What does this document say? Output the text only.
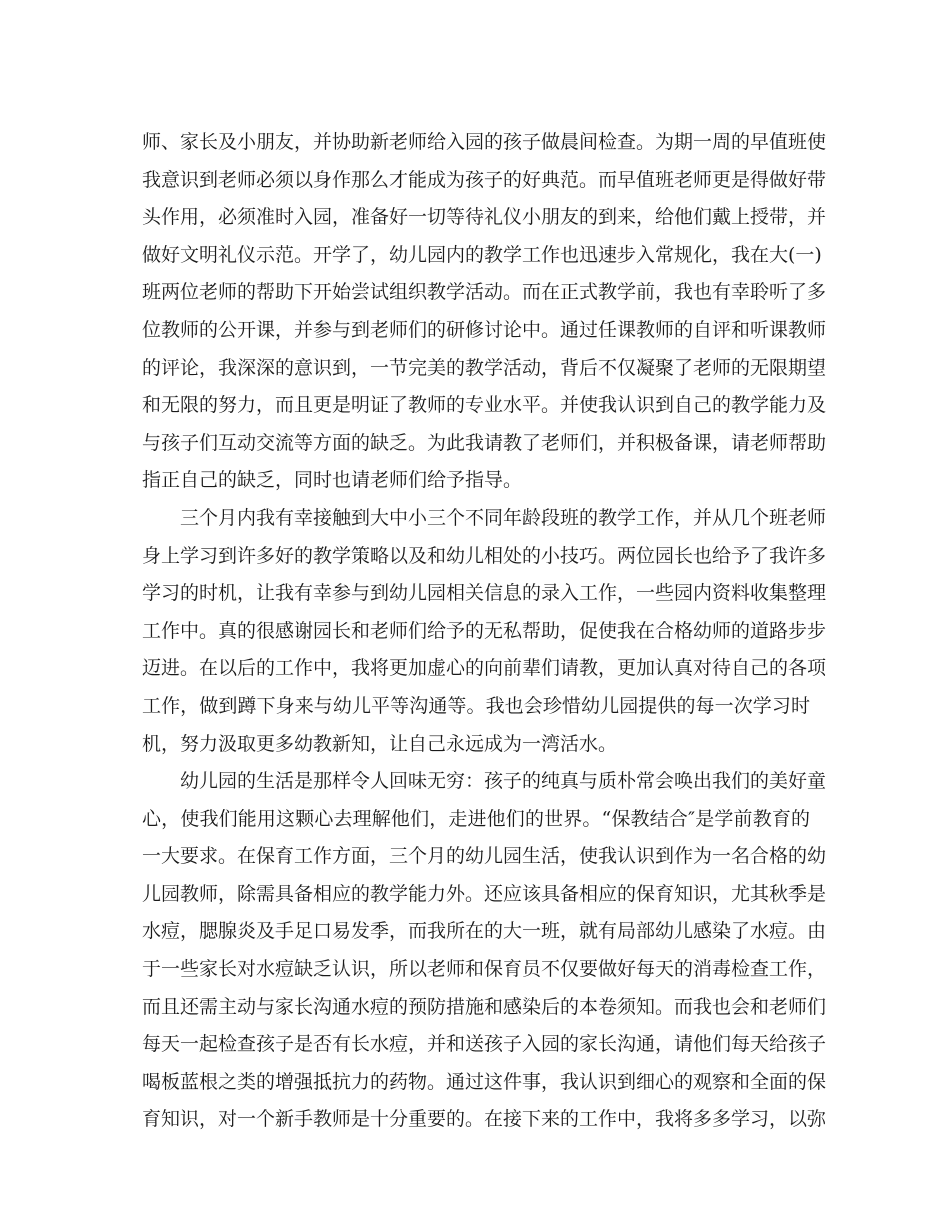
师、家长及小朋友，并协助新老师给入园的孩子做晨间检查。为期一周的早值班使
我意识到老师必须以身作那么才能成为孩子的好典范。而早值班老师更是得做好带
头作用，必须准时入园，准备好一切等待礼仪小朋友的到来，给他们戴上授带，并
做好文明礼仪示范。开学了，幼儿园内的教学工作也迅速步入常规化，我在大(一)
班两位老师的帮助下开始尝试组织教学活动。而在正式教学前，我也有幸聆听了多
位教师的公开课，并参与到老师们的研修讨论中。通过任课教师的自评和听课教师
的评论，我深深的意识到，一节完美的教学活动，背后不仅凝聚了老师的无限期望
和无限的努力，而且更是明证了教师的专业水平。并使我认识到自己的教学能力及
与孩子们互动交流等方面的缺乏。为此我请教了老师们，并积极备课，请老师帮助
指正自己的缺乏，同时也请老师们给予指导。
三个月内我有幸接触到大中小三个不同年龄段班的教学工作，并从几个班老师
身上学习到许多好的教学策略以及和幼儿相处的小技巧。两位园长也给予了我许多
学习的时机，让我有幸参与到幼儿园相关信息的录入工作，一些园内资料收集整理
工作中。真的很感谢园长和老师们给予的无私帮助，促使我在合格幼师的道路步步
迈进。在以后的工作中，我将更加虚心的向前辈们请教，更加认真对待自己的各项
工作，做到蹲下身来与幼儿平等沟通等。我也会珍惜幼儿园提供的每一次学习时
机，努力汲取更多幼教新知，让自己永远成为一湾活水。
幼儿园的生活是那样令人回味无穷：孩子的纯真与质朴常会唤出我们的美好童
心，使我们能用这颗心去理解他们，走进他们的世界。“保教结合″是学前教育的
一大要求。在保育工作方面，三个月的幼儿园生活，使我认识到作为一名合格的幼
儿园教师，除需具备相应的教学能力外。还应该具备相应的保育知识，尤其秋季是
水痘，腮腺炎及手足口易发季，而我所在的大一班，就有局部幼儿感染了水痘。由
于一些家长对水痘缺乏认识，所以老师和保育员不仅要做好每天的消毒检查工作，
而且还需主动与家长沟通水痘的预防措施和感染后的本卷须知。而我也会和老师们
每天一起检查孩子是否有长水痘，并和送孩子入园的家长沟通，请他们每天给孩子
喝板蓝根之类的增强抵抗力的药物。通过这件事，我认识到细心的观察和全面的保
育知识，对一个新手教师是十分重要的。在接下来的工作中，我将多多学习，以弥
